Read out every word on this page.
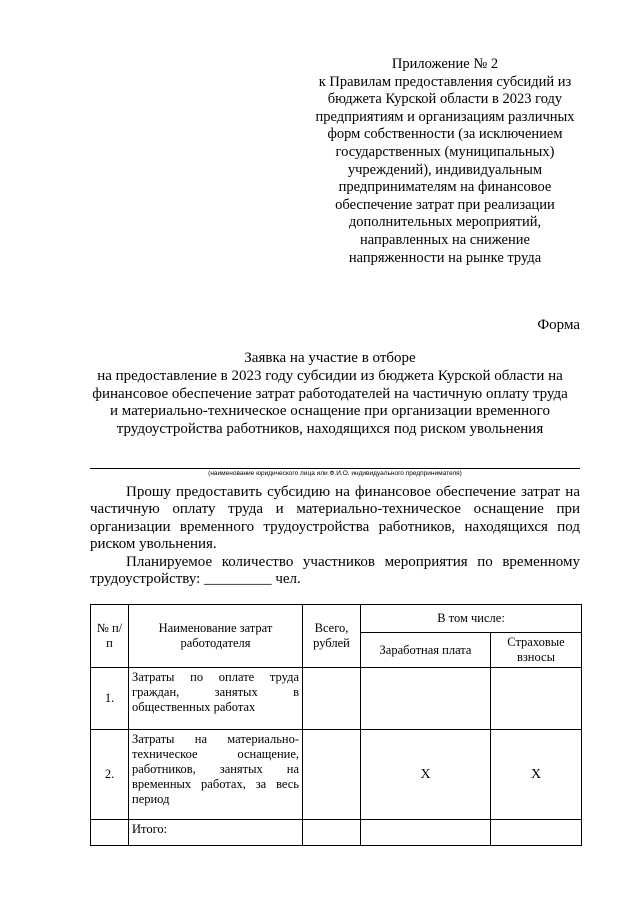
Приложение № 2
к Правилам предоставления субсидий из
бюджета Курской области в 2023 году
предприятиям и организациям различных
форм собственности (за исключением
государственных (муниципальных)
учреждений), индивидуальным
предпринимателям на финансовое
обеспечение затрат при реализации
дополнительных мероприятий,
направленных на снижение
напряженности на рынке труда
Форма
Заявка на участие в отборе
на предоставление в 2023 году субсидии из бюджета Курской области на
финансовое обеспечение затрат работодателей на частичную оплату труда
и материально-техническое оснащение при организации временного
трудоустройства работников, находящихся под риском увольнения
(наименование юридического лица или Ф.И.О. индивидуального предпринимателя)
Прошу предоставить субсидию на финансовое обеспечение затрат на
частичную оплату труда и материально-техническое оснащение при
организации временного трудоустройства работников, находящихся под
риском увольнения.
Планируемое количество участников мероприятия по временному
трудоустройству: _________ чел.
№ п/п	Наименование затрат работодателя	Всего, рублей	В том числе:	
			Заработная плата	Страховые взносы
1.	Затраты по оплате труда граждан, занятых в общественных работах			
2.	Затраты на материально-техническое оснащение, работников, занятых на временных работах, за весь период		Х	Х
	Итого:			
